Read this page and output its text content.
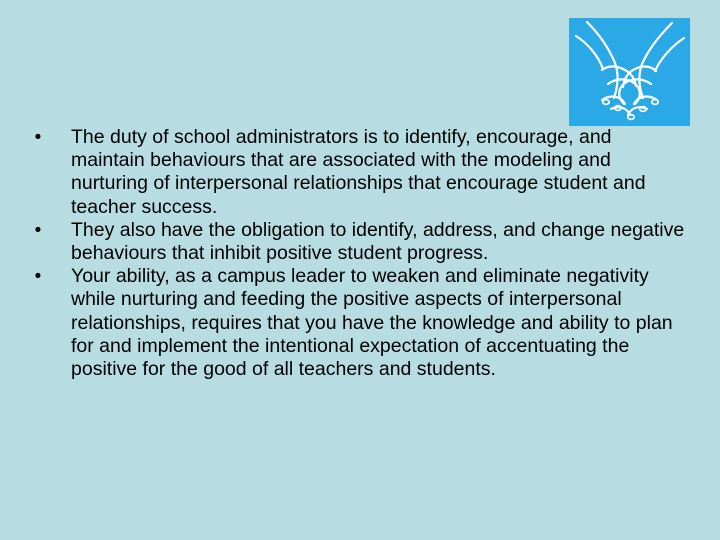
•	The duty of school administrators is to identify, encourage, and maintain behaviours that are associated with the modeling and nurturing of interpersonal relationships that encourage student and teacher success.
•	They also have the obligation to identify, address, and change negative behaviours that inhibit positive student progress.
•	Your ability, as a campus leader to weaken and eliminate negativity while nurturing and feeding the positive aspects of interpersonal relationships, requires that you have the knowledge and ability to plan for and implement the intentional expectation of accentuating the positive for the good of all teachers and students.
